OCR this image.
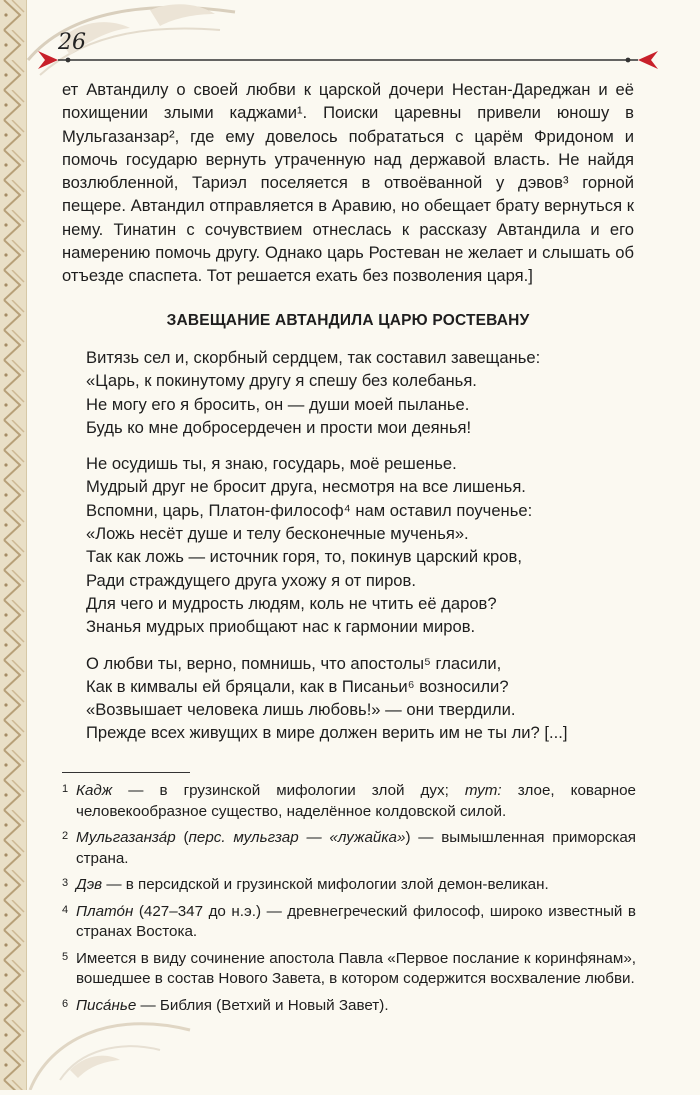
26

ет Автандилу о своей любви к царской дочери Нестан-Дареджан и её похищении злыми каджами¹. Поиски царевны привели юношу в Мульгазанзар², где ему довелось побрататься с царём Фридоном и помочь государю вернуть утраченную над державой власть. Не найдя возлюбленной, Тариэл поселяется в отвоёванной у дэвов³ горной пещере. Автандил отправляется в Аравию, но обещает брату вернуться к нему. Тинатин с сочувствием отнеслась к рассказу Автандила и его намерению помочь другу. Однако царь Ростеван не желает и слышать об отъезде спаспета. Тот решается ехать без позволения царя.]

ЗАВЕЩАНИЕ АВТАНДИЛА ЦАРЮ РОСТЕВАНУ

Витязь сел и, скорбный сердцем, так составил завещанье:

«Царь, к покинутому другу я спешу без колебанья.

Не могу его я бросить, он — души моей пыланье.

Будь ко мне добросердечен и прости мои деянья!

Не осудишь ты, я знаю, государь, моё решенье.

Мудрый друг не бросит друга, несмотря на все лишенья.

Вспомни, царь, Платон-философ⁴ нам оставил поученье:

«Ложь несёт душе и телу бесконечные мученья».

Так как ложь — источник горя, то, покинув царский кров,

Ради страждущего друга ухожу я от пиров.

Для чего и мудрость людям, коль не чтить её даров?

Знанья мудрых приобщают нас к гармонии миров.

О любви ты, верно, помнишь, что апостолы⁵ гласили,

Как в кимвалы ей бряцали, как в Писаньи⁶ возносили?

«Возвышает человека лишь любовь!» — они твердили.

Прежде всех живущих в мире должен верить им не ты ли? [...]

1 Кадж — в грузинской мифологии злой дух; тут: злое, коварное человекообразное существо, наделённое колдовской силой.
2 Мульгазанза́р (перс. мульгзар — «лужайка») — вымышленная приморская страна.
3 Дэв — в персидской и грузинской мифологии злой демон-великан.
4 Плато́н (427–347 до н.э.) — древнегреческий философ, широко известный в странах Востока.
5 Имеется в виду сочинение апостола Павла «Первое послание к коринфянам», вошедшее в состав Нового Завета, в котором содержится восхваление любви.
6 Писа́нье — Библия (Ветхий и Новый Завет).
